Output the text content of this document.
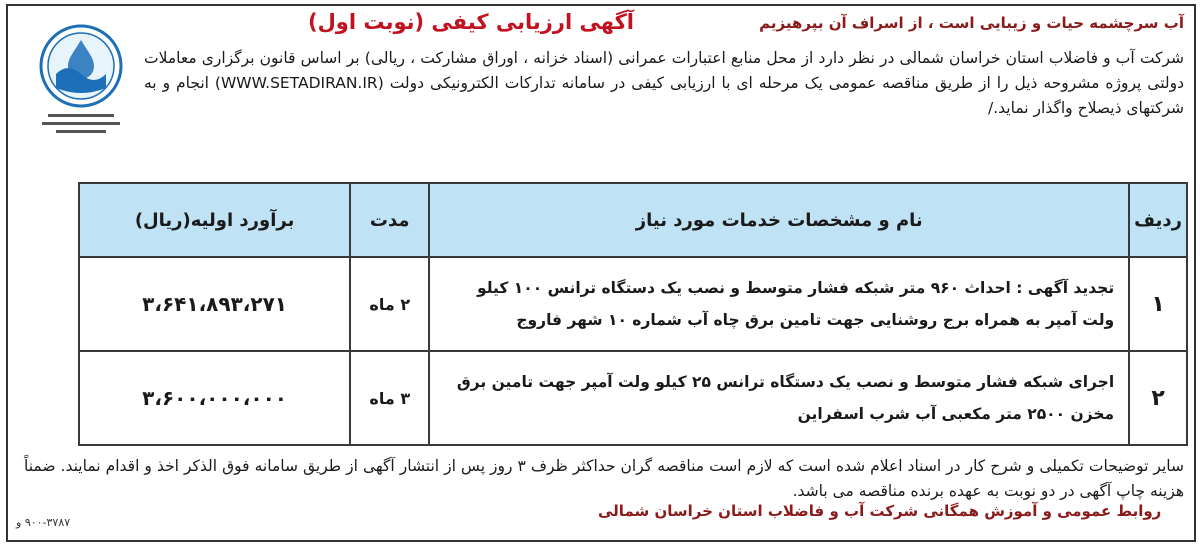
آب سرچشمه حیات و زیبایی است ، از اسراف آن بپرهیزیم
آگهی ارزیابی کیفی (نوبت اول)
شرکت آب و فاضلاب استان خراسان شمالی در نظر دارد از محل منابع اعتبارات عمرانی (اسناد خزانه ، اوراق مشارکت ، ریالی) بر اساس قانون برگزاری معاملات دولتی پروژه مشروحه ذیل را از طریق مناقصه عمومی یک مرحله ای با ارزیابی کیفی در سامانه تدارکات الکترونیکی دولت (WWW.SETADIRAN.IR) انجام و به شرکتهای ذیصلاح واگذار نماید./
ردیف	نام و مشخصات خدمات مورد نیاز	مدت	برآورد اولیه(ریال)
۱	تجدید آگهی : احداث ۹۶۰ متر شبکه فشار متوسط و نصب یک دستگاه ترانس ۱۰۰ کیلو ولت آمپر به همراه برج روشنایی جهت تامین برق چاه آب شماره ۱۰ شهر فاروج	۲ ماه	۳،۶۴۱،۸۹۳،۲۷۱
۲	اجرای شبکه فشار متوسط و نصب یک دستگاه ترانس ۲۵ کیلو ولت آمپر جهت تامین برق مخزن ۲۵۰۰ متر مکعبی آب شرب اسفراین	۳ ماه	۳،۶۰۰،۰۰۰،۰۰۰
سایر توضیحات تکمیلی و شرح کار در اسناد اعلام شده است که لازم است مناقصه گران حداکثر ظرف ۳ روز پس از انتشار آگهی از طریق سامانه فوق الذکر اخذ و اقدام نمایند. ضمناً هزینه چاپ آگهی در دو نوبت به عهده برنده مناقصه می باشد.
روابط عمومی و آموزش همگانی شرکت آب و فاضلاب استان خراسان شمالی
۹۰۰-۳۷۸۷ و
